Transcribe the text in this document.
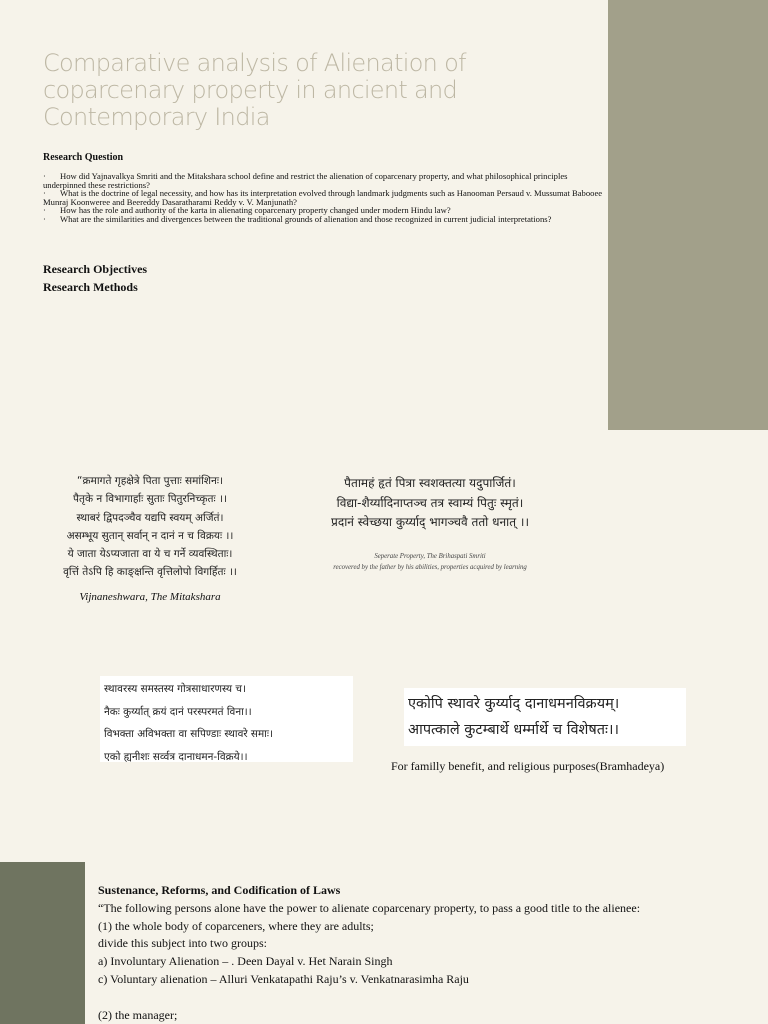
Comparative analysis of Alienation of coparcenary property in ancient and Contemporary India

Research Question

· How did Yajnavalkya Smriti and the Mitakshara school define and restrict the alienation of coparcenary property, and what philosophical principles underpinned these restrictions?
· What is the doctrine of legal necessity, and how has its interpretation evolved through landmark judgments such as Hanooman Persaud v. Mussumat Babooee Munraj Koonweree and Beereddy Dasaratharami Reddy v. V. Manjunath?
· How has the role and authority of the karta in alienating coparcenary property changed under modern Hindu law?
· What are the similarities and divergences between the traditional grounds of alienation and those recognized in current judicial interpretations?

Research Objectives

Research Methods

“क्रमागते गृहक्षेत्रे पिता पुत्ताः समांशिनः।
पैतृके न विभागार्हाः सुताः पितुरनिच्कृतः ।।
स्थाबरं द्विपदञ्चैव यद्यपि स्वयम् अर्जितं।
असम्भूय सुतान् सर्वान् न दानं न च विक्रयः ।।
ये जाता येऽप्यजाता वा ये च गर्ने व्यवस्थिताः।
वृत्तिं तेऽपि हि काङ्क्षन्ति वृत्तिलोपो विगर्हितः ।।

Vijnaneshwara, The Mitakshara

पैतामहं हृतं पित्रा स्वशक्तत्या यदुपार्जितं।
विद्या-शैर्य्यादिनाप्तञ्च तत्र स्वाम्यं पितुः स्मृतं।
प्रदानं स्वेच्छया कुर्य्याद् भागञ्चवै ततो धनात् ।।
Seperate Property, The Brihaspati Smriti
recovered by the father by his abilities, properties acquired by learning
स्थावरस्य समस्तस्य गोत्रसाधारणस्य च।
नैकः कुर्य्यात् क्रयं दानं परस्परमतं विना।।
विभक्ता अविभक्ता वा सपिण्डाः स्थावरे समाः।
एको ह्यनीशः सर्व्वत्र दानाधमन-विक्रये।।
एकोपि स्थावरे कुर्य्याद् दानाधमनविक्रयम्।
आपत्काले कुटम्बार्थे धर्म्मार्थे च विशेषतः।।

For familly benefit, and religious purposes(Bramhadeya)

Sustenance, Reforms, and Codification of Laws

“The following persons alone have the power to alienate coparcenary property, to pass a good title to the alienee:

(1) the whole body of coparceners, where they are adults;

divide this subject into two groups:

a) Involuntary Alienation – . Deen Dayal v. Het Narain Singh

c) Voluntary alienation – Alluri Venkatapathi Raju’s v. Venkatnarasimha Raju

(2) the manager;
